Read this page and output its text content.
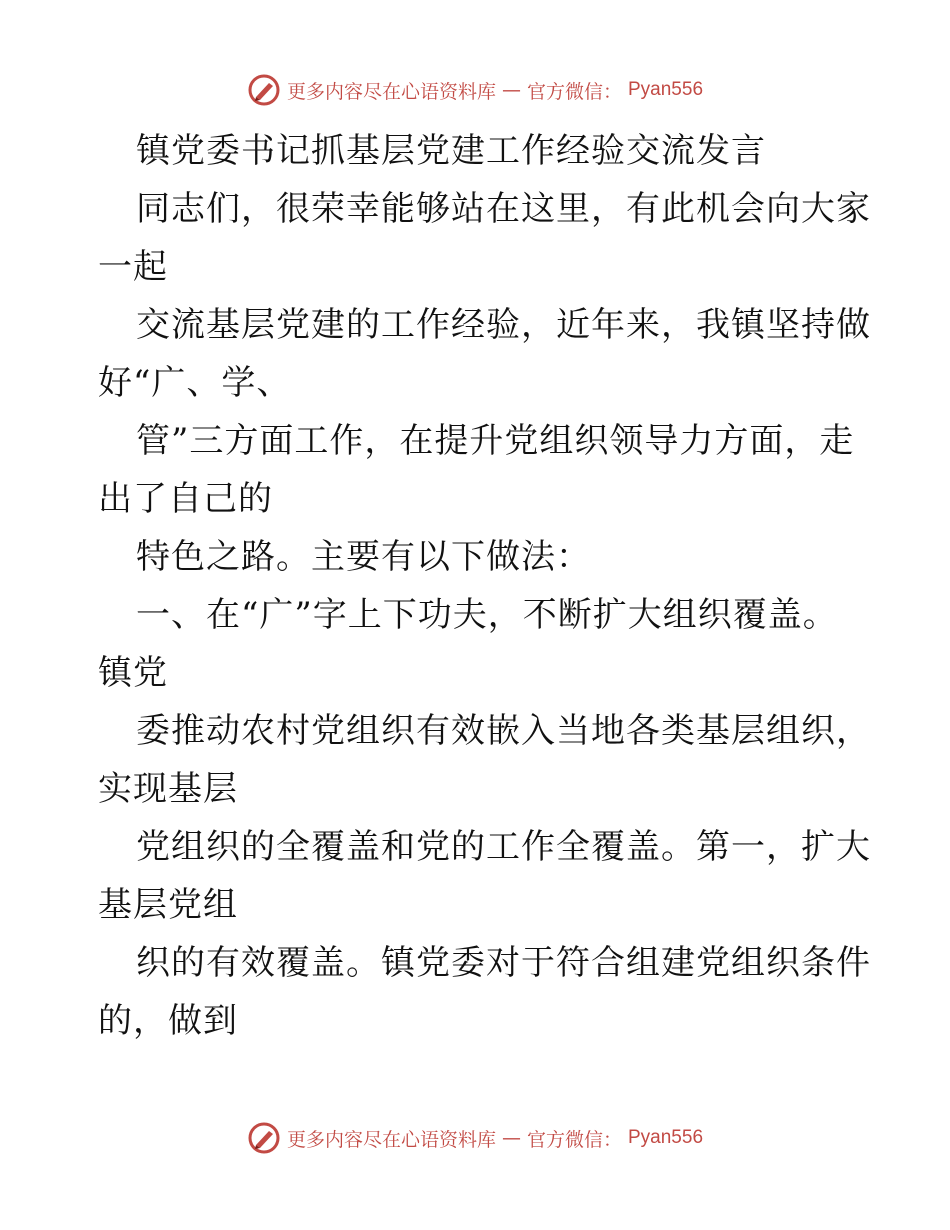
更多内容尽在心语资料库 — 官方微信： Pyan556

镇党委书记抓基层党建工作经验交流发言

同志们，很荣幸能够站在这里，有此机会向大家

一起

交流基层党建的工作经验，近年来，我镇坚持做

好“广、学、

管”三方面工作，在提升党组织领导力方面，走

出了自己的

特色之路。主要有以下做法：

一、在“广”字上下功夫，不断扩大组织覆盖。

镇党

委推动农村党组织有效嵌入当地各类基层组织，

实现基层

党组织的全覆盖和党的工作全覆盖。第一，扩大

基层党组

织的有效覆盖。镇党委对于符合组建党组织条件

的，做到

更多内容尽在心语资料库 — 官方微信： Pyan556
